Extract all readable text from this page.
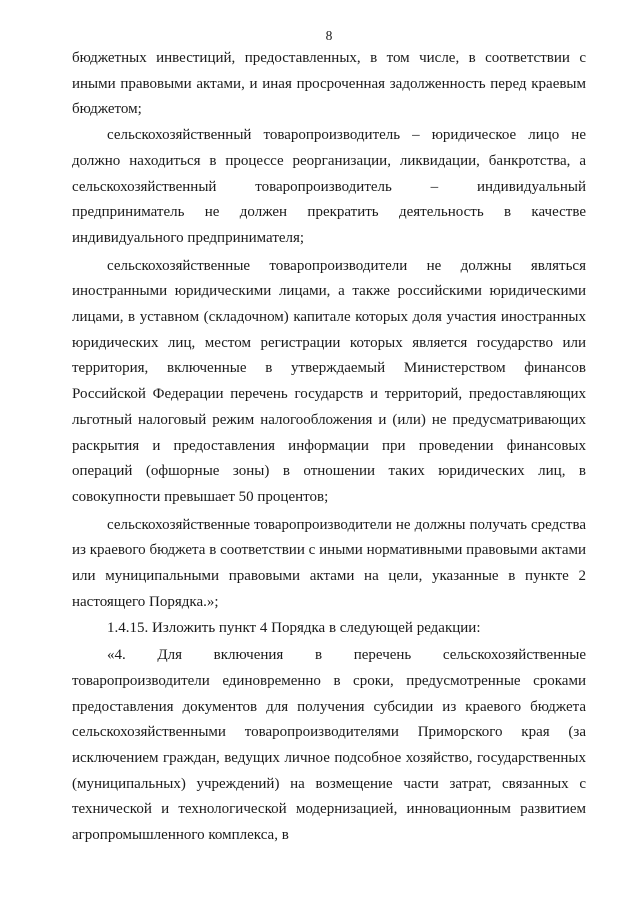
8

бюджетных инвестиций, предоставленных, в том числе, в соответствии с иными правовыми актами, и иная просроченная задолженность перед краевым бюджетом;

сельскохозяйственный товаропроизводитель – юридическое лицо не должно находиться в процессе реорганизации, ликвидации, банкротства, а сельскохозяйственный товаропроизводитель – индивидуальный предприниматель не должен прекратить деятельность в качестве индивидуального предпринимателя;

сельскохозяйственные товаропроизводители не должны являться иностранными юридическими лицами, а также российскими юридическими лицами, в уставном (складочном) капитале которых доля участия иностранных юридических лиц, местом регистрации которых является государство или территория, включенные в утверждаемый Министерством финансов Российской Федерации перечень государств и территорий, предоставляющих льготный налоговый режим налогообложения и (или) не предусматривающих раскрытия и предоставления информации при проведении финансовых операций (офшорные зоны) в отношении таких юридических лиц, в совокупности превышает 50 процентов;

сельскохозяйственные товаропроизводители не должны получать средства из краевого бюджета в соответствии с иными нормативными правовыми актами или муниципальными правовыми актами на цели, указанные в пункте 2 настоящего Порядка.»;

1.4.15. Изложить пункт 4 Порядка в следующей редакции:

«4. Для включения в перечень сельскохозяйственные товаропроизводители единовременно в сроки, предусмотренные сроками предоставления документов для получения субсидии из краевого бюджета сельскохозяйственными товаропроизводителями Приморского края (за исключением граждан, ведущих личное подсобное хозяйство, государственных (муниципальных) учреждений) на возмещение части затрат, связанных с технической и технологической модернизацией, инновационным развитием агропромышленного комплекса, в
